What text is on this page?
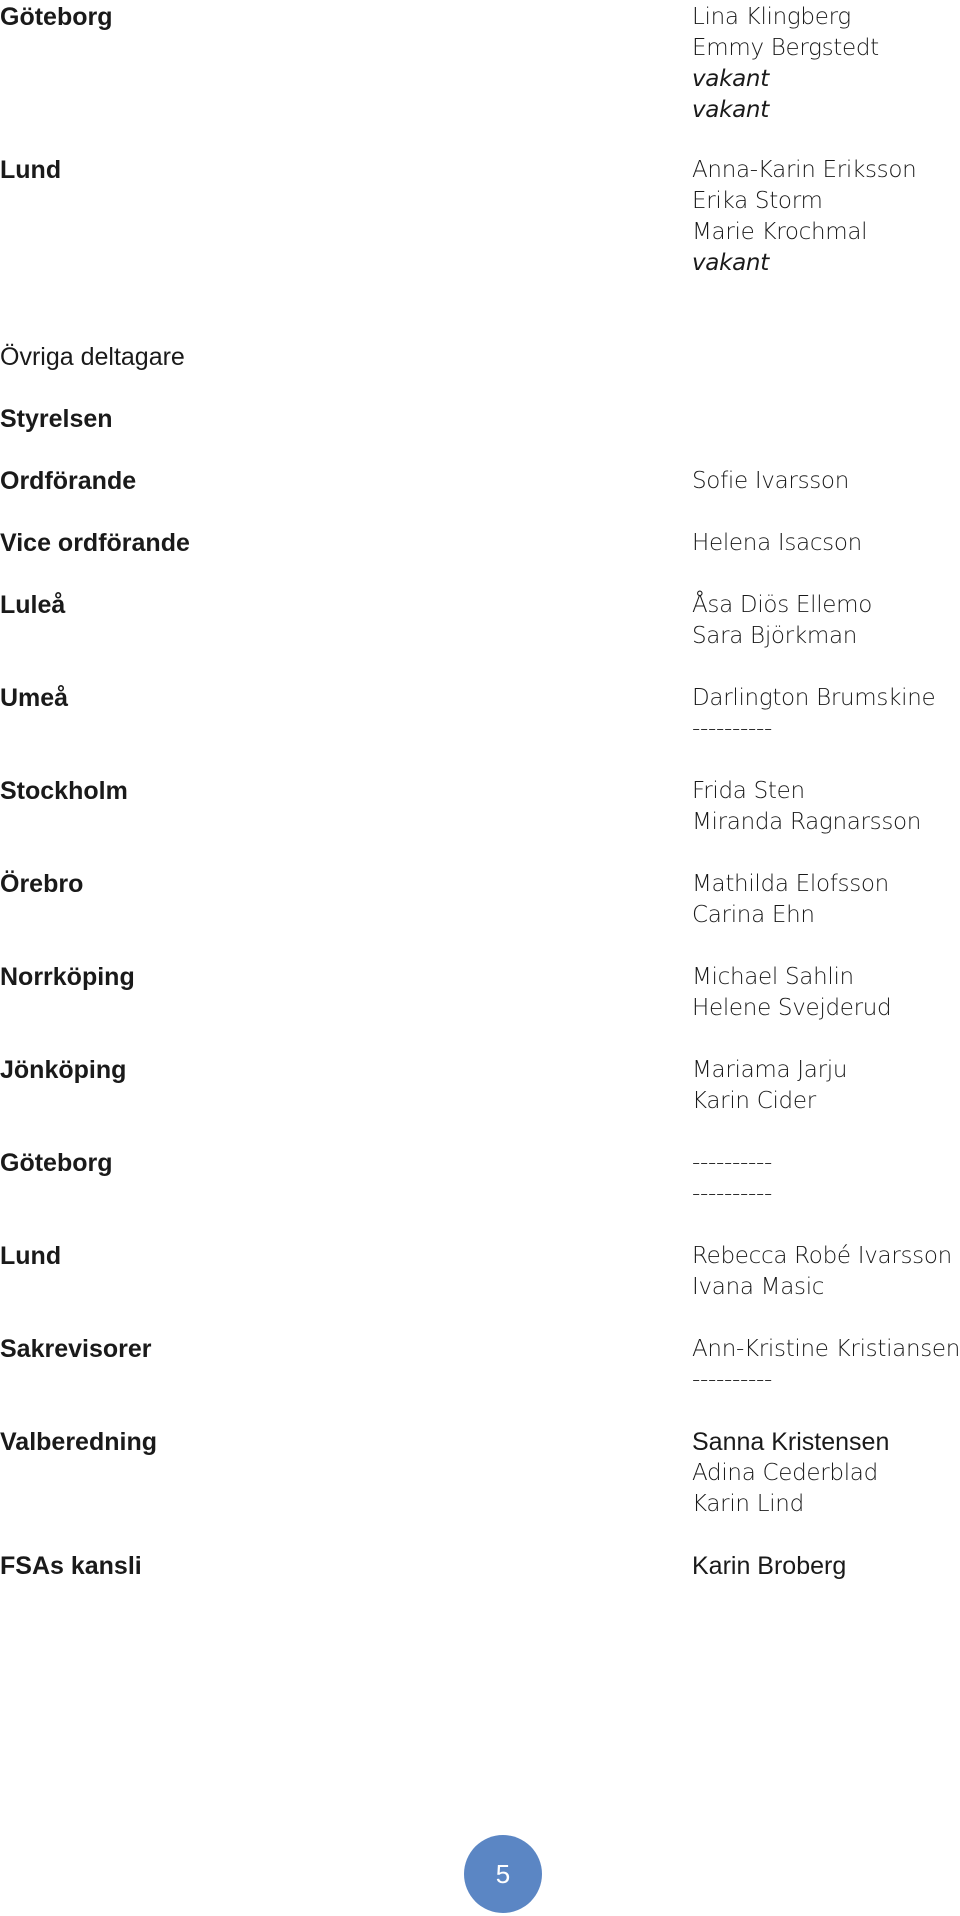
Göteborg	Lina Klingberg
Emmy Bergstedt
vakant
vakant
Lund	Anna-Karin Eriksson
Erika Storm
Marie Krochmal
vakant
Övriga deltagare
Styrelsen
Ordförande	Sofie Ivarsson
Vice ordförande	Helena Isacson
Luleå	Åsa Diös Ellemo
Sara Björkman
Umeå	Darlington Brumskine
----------
Stockholm	Frida Sten
Miranda Ragnarsson
Örebro	Mathilda Elofsson
Carina Ehn
Norrköping	Michael Sahlin
Helene Svejderud
Jönköping	Mariama Jarju
Karin Cider
Göteborg	----------
----------
Lund	Rebecca Robé Ivarsson
Ivana Masic
Sakrevisorer	Ann-Kristine Kristiansen
----------
Valberedning	Sanna Kristensen
Adina Cederblad
Karin Lind
FSAs kansli	Karin Broberg
5
